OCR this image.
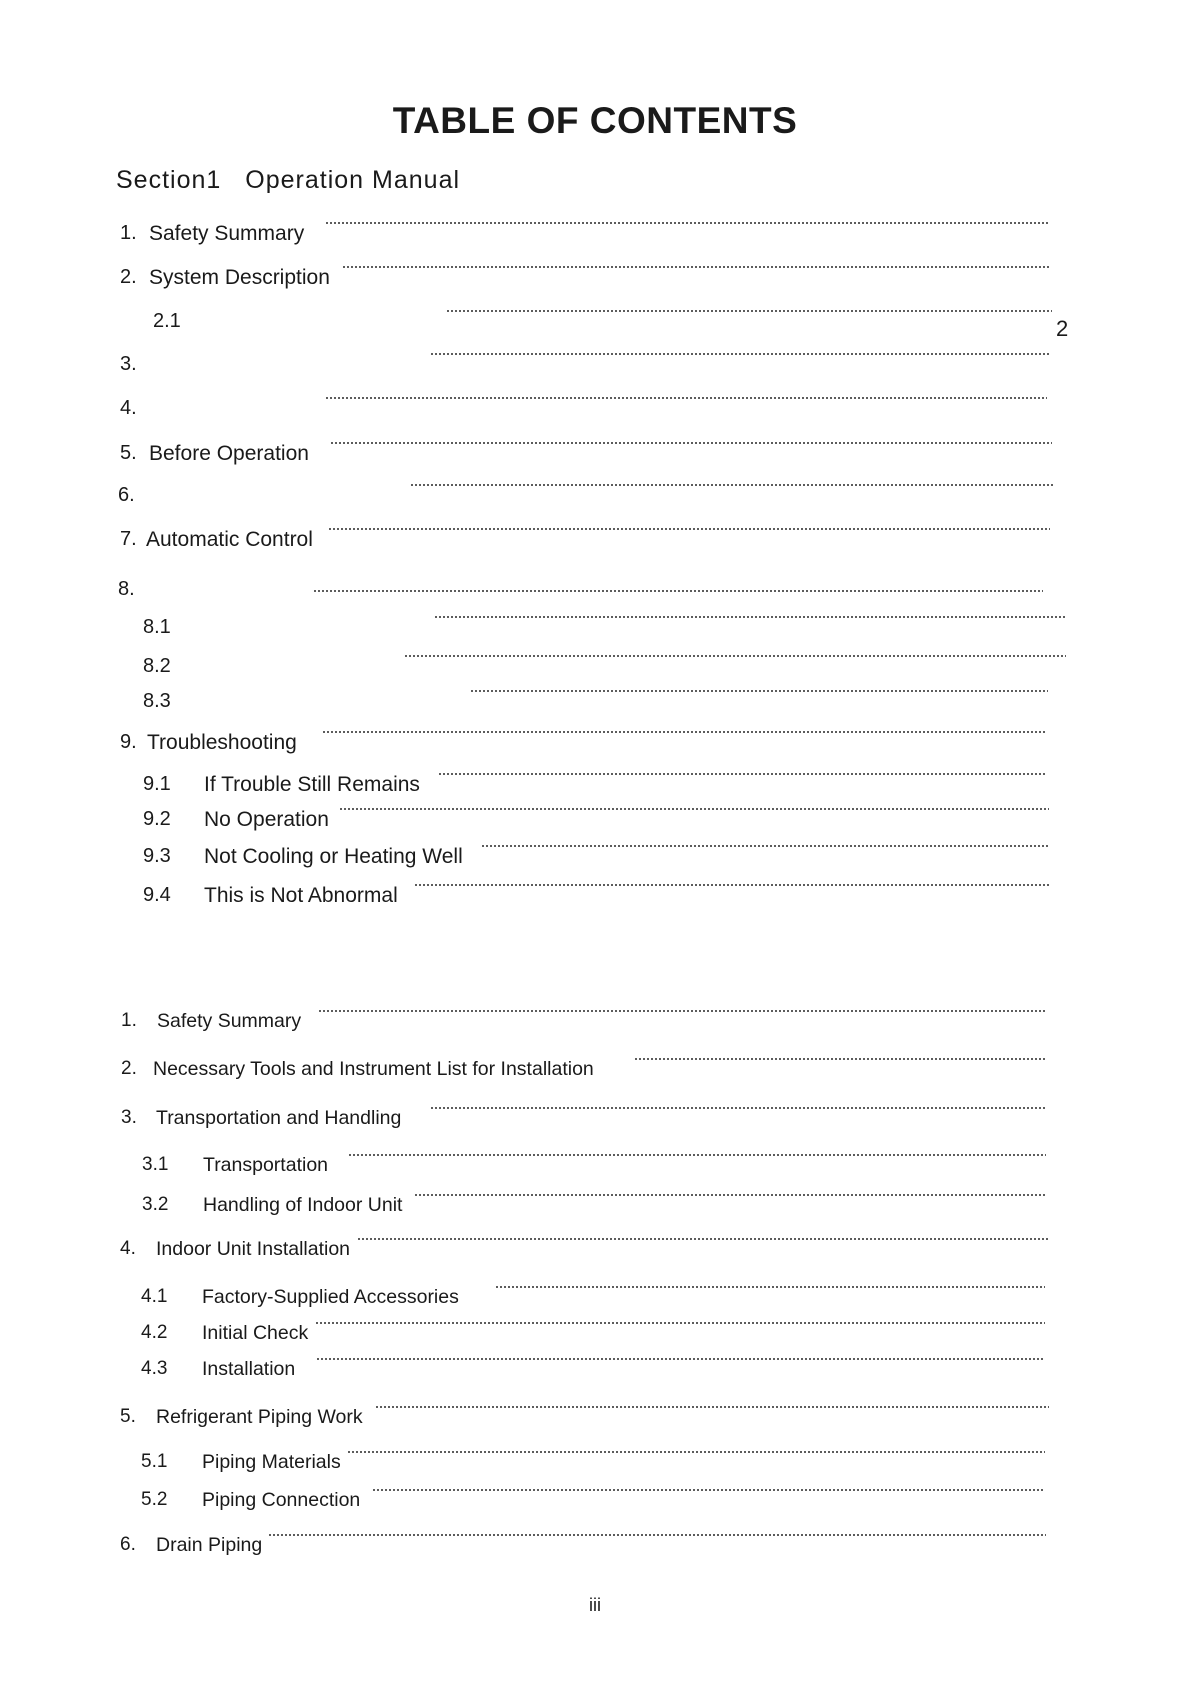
TABLE OF CONTENTS
Section1 Operation Manual
1. Safety Summary
2. System Description
2.1	2
3.
4.
5. Before Operation
6.
7. Automatic Control
8.
8.1
8.2
8.3
9. Troubleshooting
9.1 If Trouble Still Remains
9.2 No Operation
9.3 Not Cooling or Heating Well
9.4 This is Not Abnormal
1. Safety Summary
2. Necessary Tools and Instrument List for Installation
3. Transportation and Handling
3.1 Transportation
3.2 Handling of Indoor Unit
4. Indoor Unit Installation
4.1 Factory-Supplied Accessories
4.2 Initial Check
4.3 Installation
5. Refrigerant Piping Work
5.1 Piping Materials
5.2 Piping Connection
6. Drain Piping
iii
